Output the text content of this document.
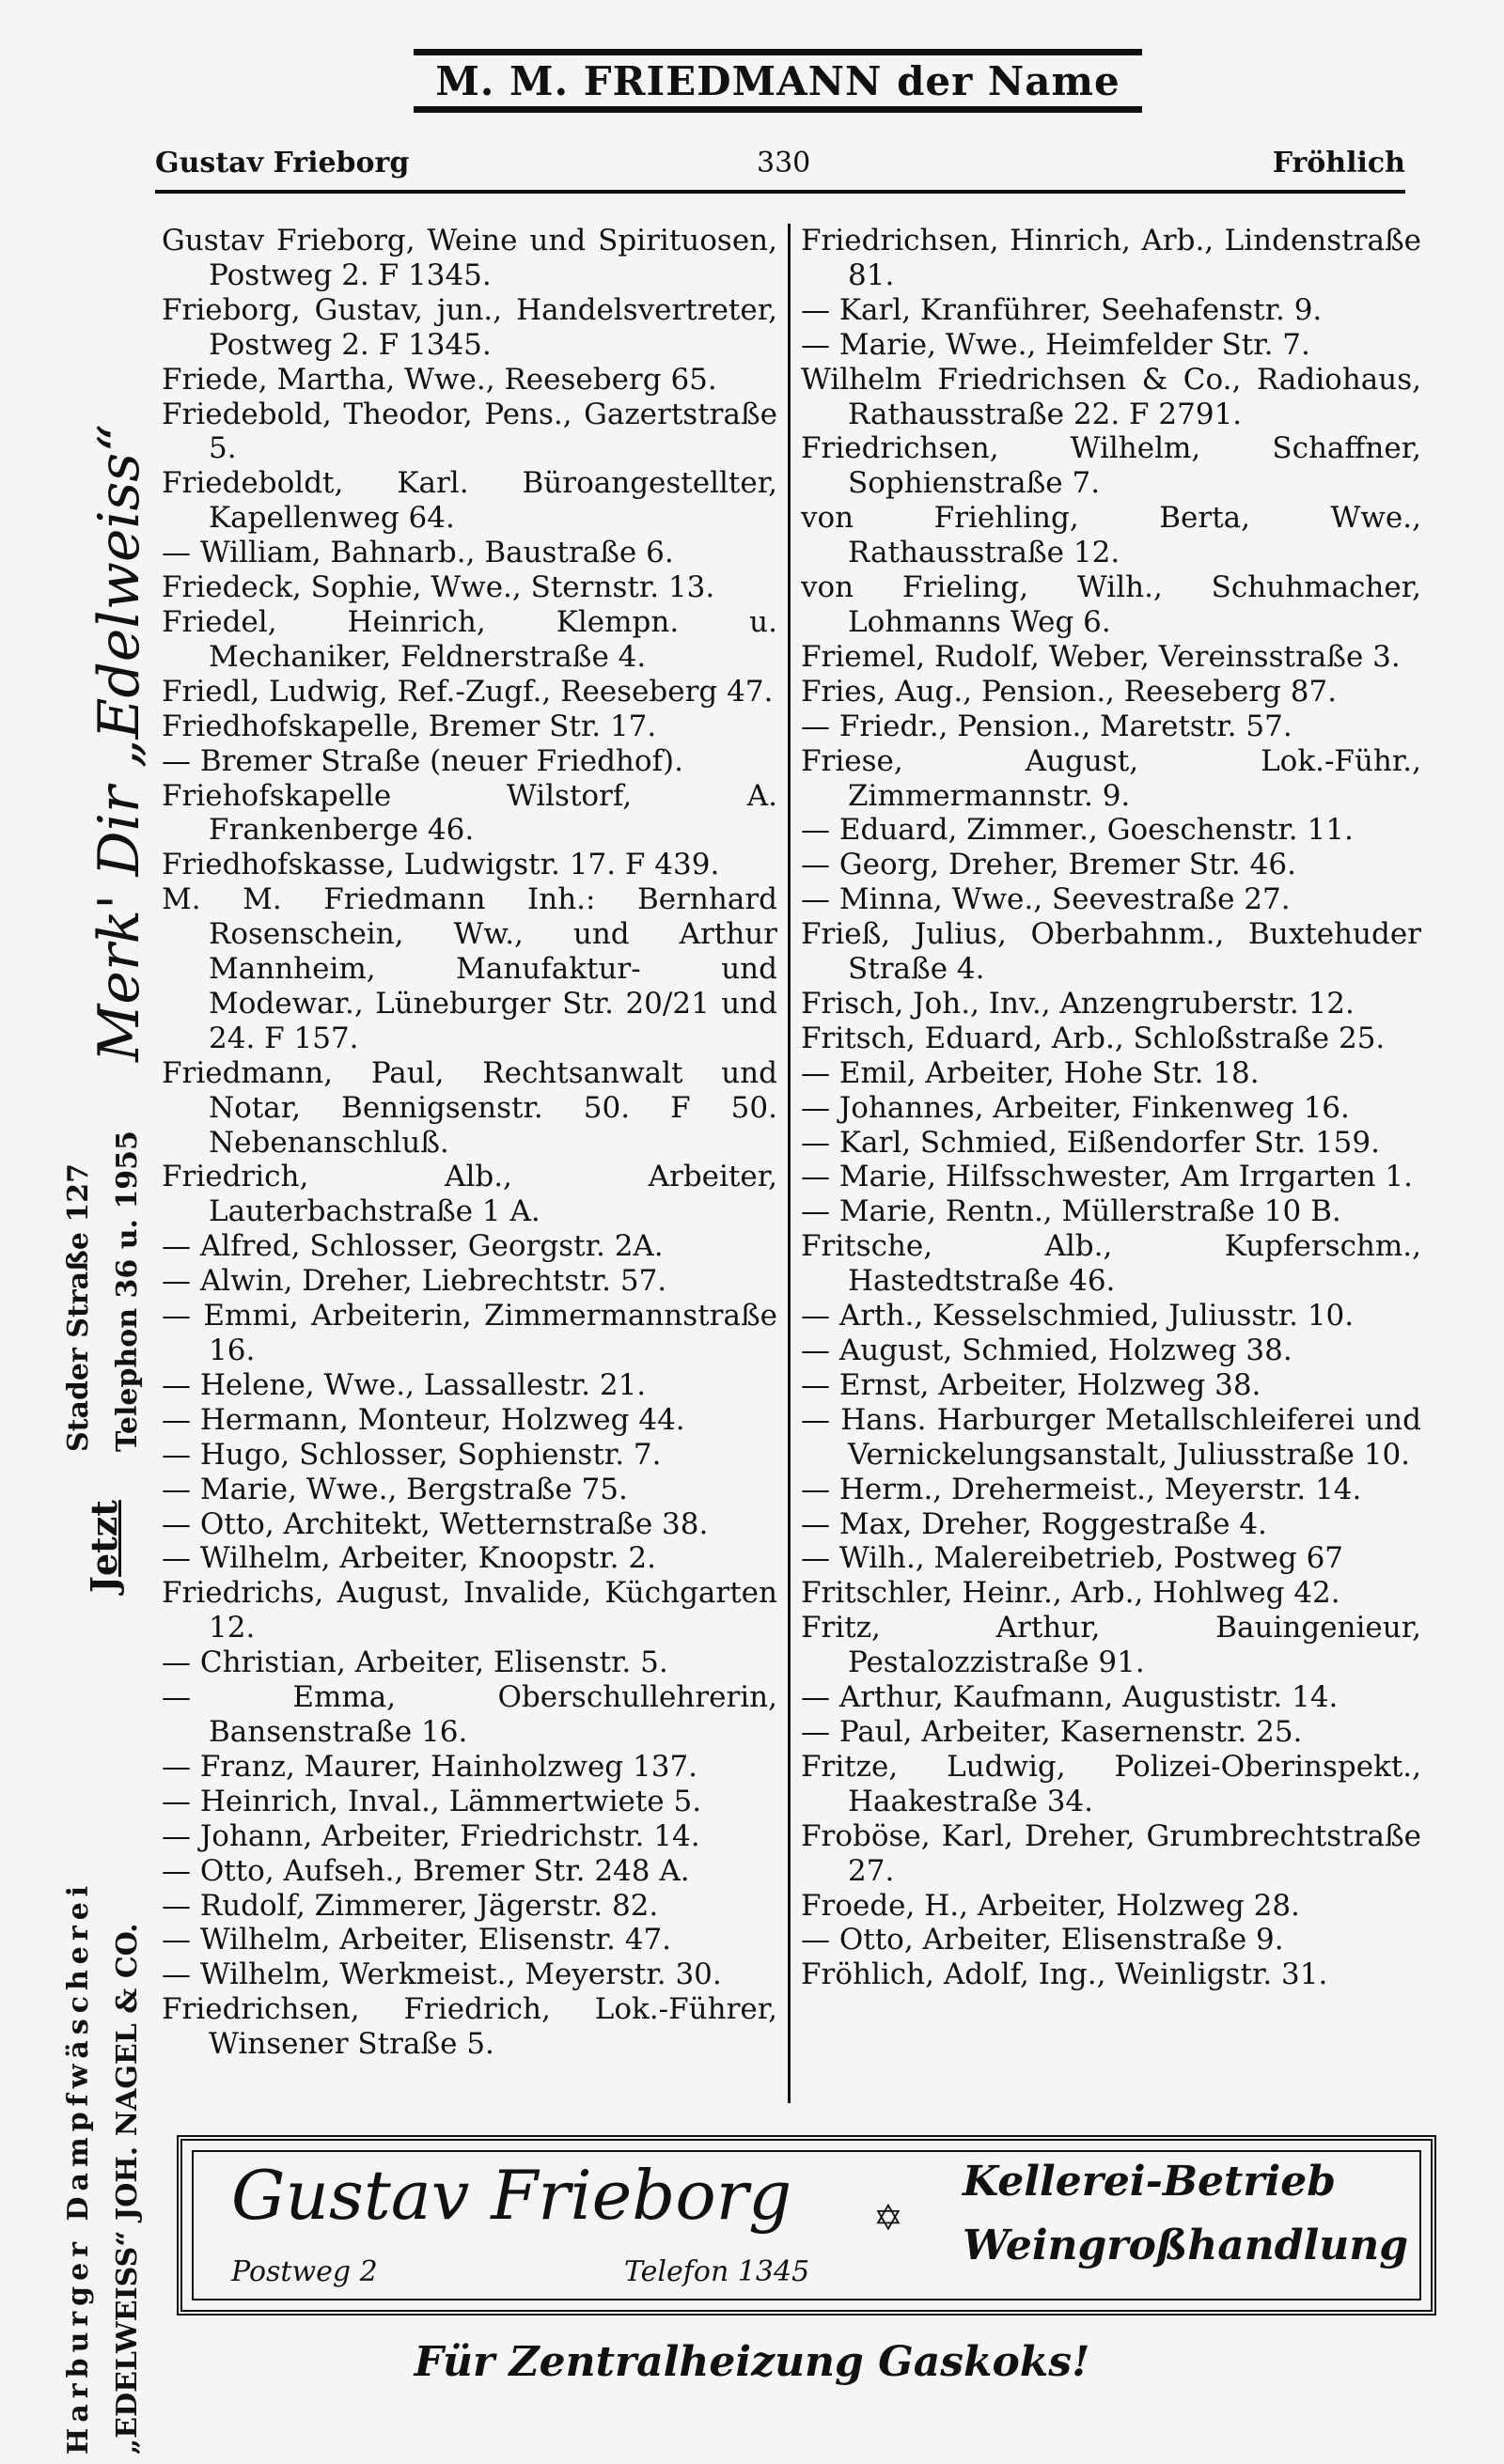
M. M. FRIEDMANN der Name
Gustav Frieborg	330	Fröhlich
Merk' Dir „Edelweiss“
Stader Straße 127 Telephon 36 u. 1955
Jetzt
Harburger Dampfwäscherei „EDELWEISS“ JOH. NAGEL & CO.

Gustav Frieborg, Weine und Spirituosen, Postweg 2. F 1345.

Frieborg, Gustav, jun., Handelsvertreter, Postweg 2. F 1345.

Friede, Martha, Wwe., Reeseberg 65.

Friedebold, Theodor, Pens., Gazertstraße 5.

Friedeboldt, Karl. Büroangestellter, Kapellenweg 64.

— William, Bahnarb., Baustraße 6.

Friedeck, Sophie, Wwe., Sternstr. 13.

Friedel, Heinrich, Klempn. u. Mechaniker, Feldnerstraße 4.

Friedl, Ludwig, Ref.-Zugf., Reeseberg 47.

Friedhofskapelle, Bremer Str. 17.

— Bremer Straße (neuer Friedhof).

Friehofskapelle Wilstorf, A. Frankenberge 46.

Friedhofskasse, Ludwigstr. 17. F 439.

M. M. Friedmann Inh.: Bernhard Rosenschein, Ww., und Arthur Mannheim, Manufaktur- und Modewar., Lüneburger Str. 20/21 und 24. F 157.

Friedmann, Paul, Rechtsanwalt und Notar, Bennigsenstr. 50. F 50. Nebenanschluß.

Friedrich, Alb., Arbeiter, Lauterbachstraße 1 A.

— Alfred, Schlosser, Georgstr. 2A.

— Alwin, Dreher, Liebrechtstr. 57.

— Emmi, Arbeiterin, Zimmermannstraße 16.

— Helene, Wwe., Lassallestr. 21.

— Hermann, Monteur, Holzweg 44.

— Hugo, Schlosser, Sophienstr. 7.

— Marie, Wwe., Bergstraße 75.

— Otto, Architekt, Wetternstraße 38.

— Wilhelm, Arbeiter, Knoopstr. 2.

Friedrichs, August, Invalide, Küchgarten 12.

— Christian, Arbeiter, Elisenstr. 5.

— Emma, Oberschullehrerin, Bansenstraße 16.

— Franz, Maurer, Hainholzweg 137.

— Heinrich, Inval., Lämmertwiete 5.

— Johann, Arbeiter, Friedrichstr. 14.

— Otto, Aufseh., Bremer Str. 248 A.

— Rudolf, Zimmerer, Jägerstr. 82.

— Wilhelm, Arbeiter, Elisenstr. 47.

— Wilhelm, Werkmeist., Meyerstr. 30.

Friedrichsen, Friedrich, Lok.-Führer, Winsener Straße 5.

Friedrichsen, Hinrich, Arb., Lindenstraße 81.

— Karl, Kranführer, Seehafenstr. 9.

— Marie, Wwe., Heimfelder Str. 7.

Wilhelm Friedrichsen & Co., Radiohaus, Rathausstraße 22. F 2791.

Friedrichsen, Wilhelm, Schaffner, Sophienstraße 7.

von Friehling, Berta, Wwe., Rathausstraße 12.

von Frieling, Wilh., Schuhmacher, Lohmanns Weg 6.

Friemel, Rudolf, Weber, Vereinsstraße 3.

Fries, Aug., Pension., Reeseberg 87.

— Friedr., Pension., Maretstr. 57.

Friese, August, Lok.-Führ., Zimmermannstr. 9.

— Eduard, Zimmer., Goeschenstr. 11.

— Georg, Dreher, Bremer Str. 46.

— Minna, Wwe., Seevestraße 27.

Frieß, Julius, Oberbahnm., Buxtehuder Straße 4.

Frisch, Joh., Inv., Anzengruberstr. 12.

Fritsch, Eduard, Arb., Schloßstraße 25.

— Emil, Arbeiter, Hohe Str. 18.

— Johannes, Arbeiter, Finkenweg 16.

— Karl, Schmied, Eißendorfer Str. 159.

— Marie, Hilfsschwester, Am Irrgarten 1.

— Marie, Rentn., Müllerstraße 10 B.

Fritsche, Alb., Kupferschm., Hastedtstraße 46.

— Arth., Kesselschmied, Juliusstr. 10.

— August, Schmied, Holzweg 38.

— Ernst, Arbeiter, Holzweg 38.

— Hans. Harburger Metallschleiferei und Vernickelungsanstalt, Juliusstraße 10.

— Herm., Drehermeist., Meyerstr. 14.

— Max, Dreher, Roggestraße 4.

— Wilh., Malereibetrieb, Postweg 67

Fritschler, Heinr., Arb., Hohlweg 42.

Fritz, Arthur, Bauingenieur, Pestalozzistraße 91.

— Arthur, Kaufmann, Augustistr. 14.

— Paul, Arbeiter, Kasernenstr. 25.

Fritze, Ludwig, Polizei-Oberinspekt., Haakestraße 34.

Froböse, Karl, Dreher, Grumbrechtstraße 27.

Froede, H., Arbeiter, Holzweg 28.

— Otto, Arbeiter, Elisenstraße 9.

Fröhlich, Adolf, Ing., Weinligstr. 31.

Gustav Frieborg
Postweg 2	Telefon 1345
✡
Kellerei-Betrieb
Weingroßhandlung
Für Zentralheizung Gaskoks!
